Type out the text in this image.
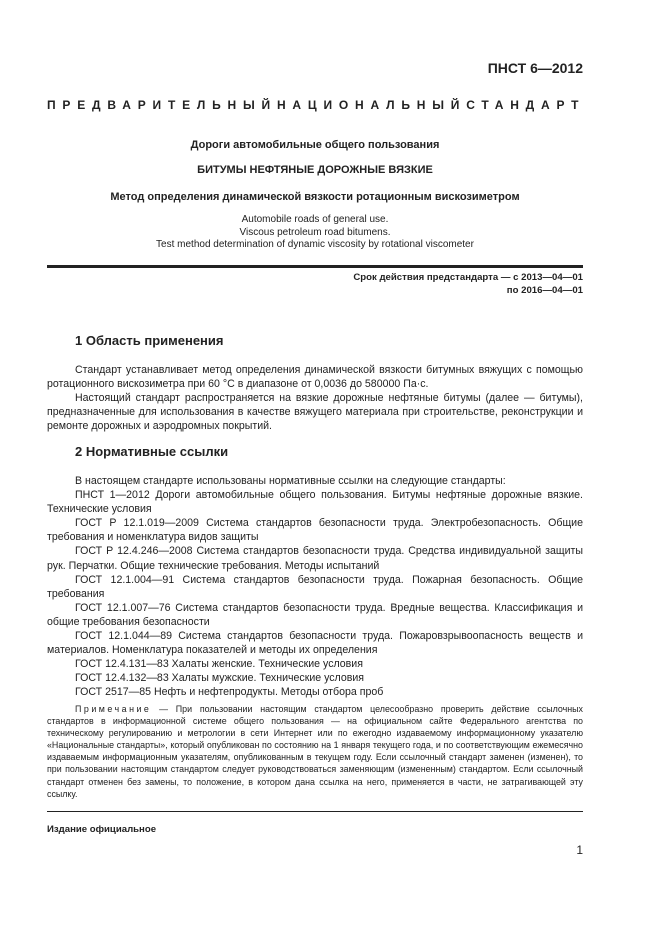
ПНСТ 6—2012
ПРЕДВАРИТЕЛЬНЫЙ НАЦИОНАЛЬНЫЙ СТАНДАРТ
Дороги автомобильные общего пользования
БИТУМЫ НЕФТЯНЫЕ ДОРОЖНЫЕ ВЯЗКИЕ
Метод определения динамической вязкости ротационным вискозиметром
Automobile roads of general use.
Viscous petroleum road bitumens.
Test method determination of dynamic viscosity by rotational viscometer
Срок действия предстандарта — с 2013—04—01
по 2016—04—01
1 Область применения

Стандарт устанавливает метод определения динамической вязкости битумных вяжущих с помощью ротационного вискозиметра при 60 °С в диапазоне от 0,0036 до 580000 Па·с.

Настоящий стандарт распространяется на вязкие дорожные нефтяные битумы (далее — битумы), предназначенные для использования в качестве вяжущего материала при строительстве, реконструкции и ремонте дорожных и аэродромных покрытий.

2 Нормативные ссылки

В настоящем стандарте использованы нормативные ссылки на следующие стандарты:

ПНСТ 1—2012 Дороги автомобильные общего пользования. Битумы нефтяные дорожные вязкие. Технические условия

ГОСТ Р 12.1.019—2009 Система стандартов безопасности труда. Электробезопасность. Общие требования и номенклатура видов защиты

ГОСТ Р 12.4.246—2008 Система стандартов безопасности труда. Средства индивидуальной защиты рук. Перчатки. Общие технические требования. Методы испытаний

ГОСТ 12.1.004—91 Система стандартов безопасности труда. Пожарная безопасность. Общие требования

ГОСТ 12.1.007—76 Система стандартов безопасности труда. Вредные вещества. Классификация и общие требования безопасности

ГОСТ 12.1.044—89 Система стандартов безопасности труда. Пожаровзрывоопасность веществ и материалов. Номенклатура показателей и методы их определения

ГОСТ 12.4.131—83 Халаты женские. Технические условия

ГОСТ 12.4.132—83 Халаты мужские. Технические условия

ГОСТ 2517—85 Нефть и нефтепродукты. Методы отбора проб

Примечание — При пользовании настоящим стандартом целесообразно проверить действие ссылочных стандартов в информационной системе общего пользования — на официальном сайте Федерального агентства по техническому регулированию и метрологии в сети Интернет или по ежегодно издаваемому информационному указателю «Национальные стандарты», который опубликован по состоянию на 1 января текущего года, и по соответствующим ежемесячно издаваемым информационным указателям, опубликованным в текущем году. Если ссылочный стандарт заменен (изменен), то при пользовании настоящим стандартом следует руководствоваться заменяющим (измененным) стандартом. Если ссылочный стандарт отменен без замены, то положение, в котором дана ссылка на него, применяется в части, не затрагивающей эту ссылку.
Издание официальное
1
